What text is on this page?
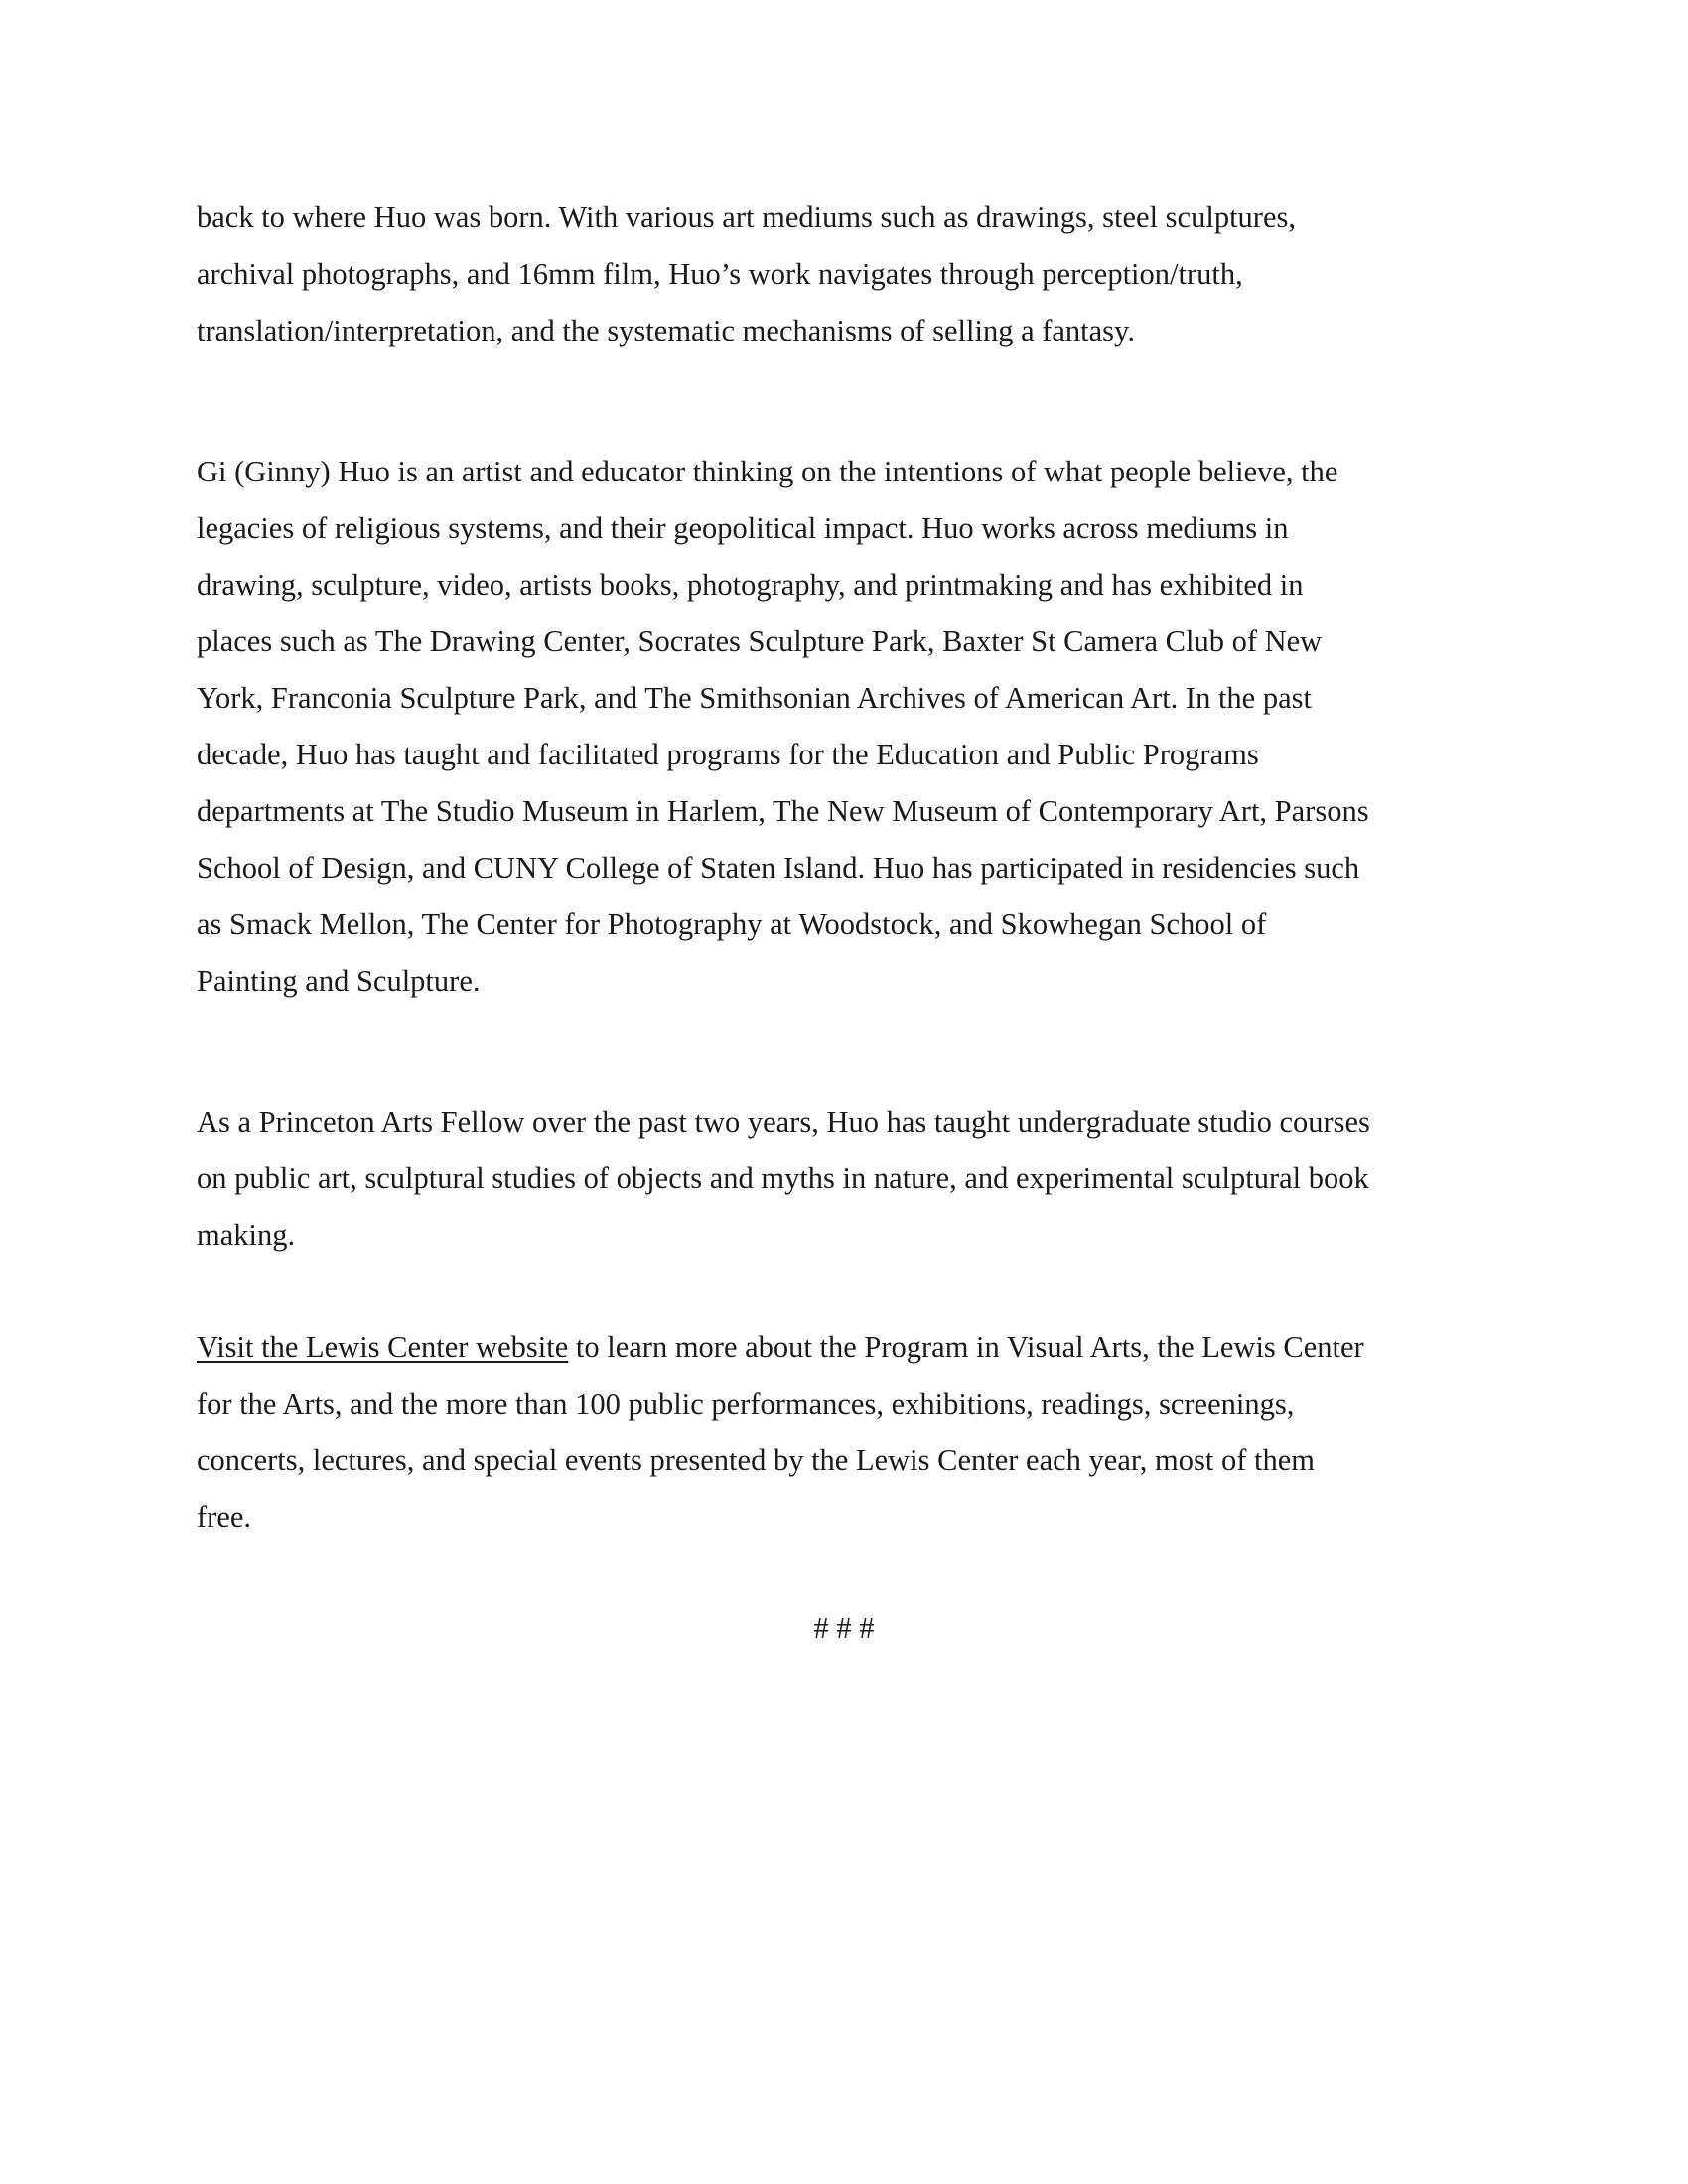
back to where Huo was born. With various art mediums such as drawings, steel sculptures,

archival photographs, and 16mm film, Huo’s work navigates through perception/truth,

translation/interpretation, and the systematic mechanisms of selling a fantasy.

Gi (Ginny) Huo is an artist and educator thinking on the intentions of what people believe, the

legacies of religious systems, and their geopolitical impact. Huo works across mediums in

drawing, sculpture, video, artists books, photography, and printmaking and has exhibited in

places such as The Drawing Center, Socrates Sculpture Park, Baxter St Camera Club of New

York, Franconia Sculpture Park, and The Smithsonian Archives of American Art. In the past

decade, Huo has taught and facilitated programs for the Education and Public Programs

departments at The Studio Museum in Harlem, The New Museum of Contemporary Art, Parsons

School of Design, and CUNY College of Staten Island. Huo has participated in residencies such

as Smack Mellon, The Center for Photography at Woodstock, and Skowhegan School of

Painting and Sculpture.

As a Princeton Arts Fellow over the past two years, Huo has taught undergraduate studio courses

on public art, sculptural studies of objects and myths in nature, and experimental sculptural book

making.

Visit the Lewis Center website to learn more about the Program in Visual Arts, the Lewis Center

for the Arts, and the more than 100 public performances, exhibitions, readings, screenings,

concerts, lectures, and special events presented by the Lewis Center each year, most of them

free.

# # #
